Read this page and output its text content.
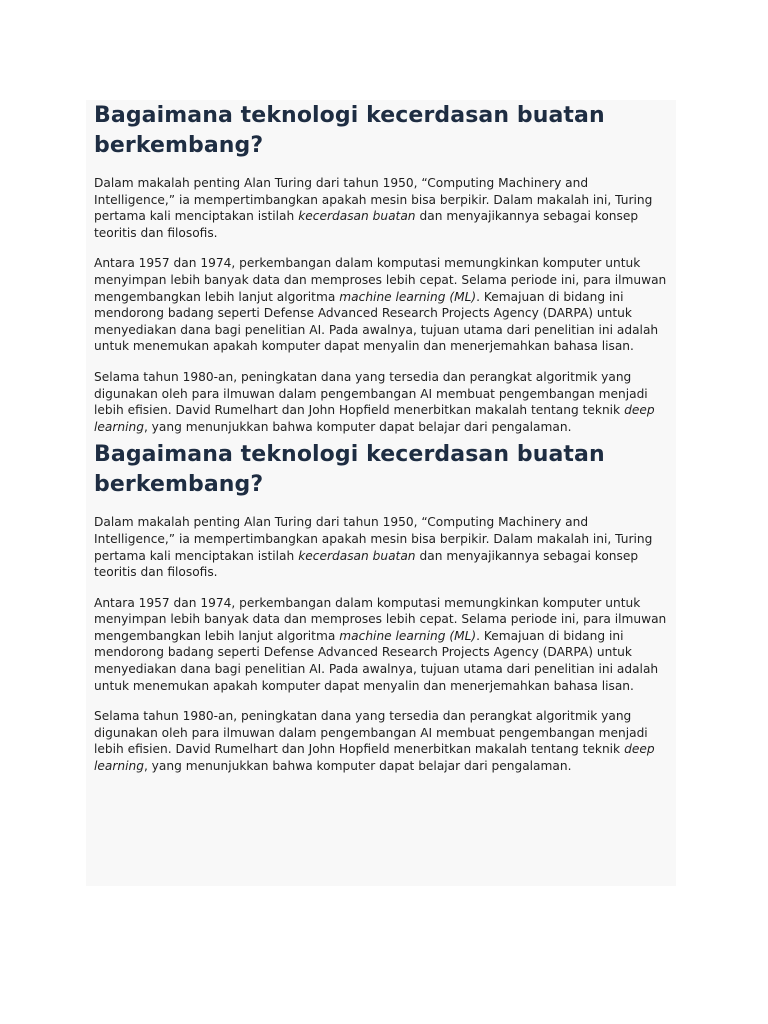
Bagaimana teknologi kecerdasan buatan berkembang?

Dalam makalah penting Alan Turing dari tahun 1950, “Computing Machinery and Intelligence,” ia mempertimbangkan apakah mesin bisa berpikir. Dalam makalah ini, Turing pertama kali menciptakan istilah kecerdasan buatan dan menyajikannya sebagai konsep teoritis dan filosofis.

Antara 1957 dan 1974, perkembangan dalam komputasi memungkinkan komputer untuk menyimpan lebih banyak data dan memproses lebih cepat. Selama periode ini, para ilmuwan mengembangkan lebih lanjut algoritma machine learning (ML). Kemajuan di bidang ini mendorong badang seperti Defense Advanced Research Projects Agency (DARPA) untuk menyediakan dana bagi penelitian AI. Pada awalnya, tujuan utama dari penelitian ini adalah untuk menemukan apakah komputer dapat menyalin dan menerjemahkan bahasa lisan.

Selama tahun 1980-an, peningkatan dana yang tersedia dan perangkat algoritmik yang digunakan oleh para ilmuwan dalam pengembangan AI membuat pengembangan menjadi lebih efisien. David Rumelhart dan John Hopfield menerbitkan makalah tentang teknik deep learning, yang menunjukkan bahwa komputer dapat belajar dari pengalaman.

Bagaimana teknologi kecerdasan buatan berkembang?

Dalam makalah penting Alan Turing dari tahun 1950, “Computing Machinery and Intelligence,” ia mempertimbangkan apakah mesin bisa berpikir. Dalam makalah ini, Turing pertama kali menciptakan istilah kecerdasan buatan dan menyajikannya sebagai konsep teoritis dan filosofis.

Antara 1957 dan 1974, perkembangan dalam komputasi memungkinkan komputer untuk menyimpan lebih banyak data dan memproses lebih cepat. Selama periode ini, para ilmuwan mengembangkan lebih lanjut algoritma machine learning (ML). Kemajuan di bidang ini mendorong badang seperti Defense Advanced Research Projects Agency (DARPA) untuk menyediakan dana bagi penelitian AI. Pada awalnya, tujuan utama dari penelitian ini adalah untuk menemukan apakah komputer dapat menyalin dan menerjemahkan bahasa lisan.

Selama tahun 1980-an, peningkatan dana yang tersedia dan perangkat algoritmik yang digunakan oleh para ilmuwan dalam pengembangan AI membuat pengembangan menjadi lebih efisien. David Rumelhart dan John Hopfield menerbitkan makalah tentang teknik deep learning, yang menunjukkan bahwa komputer dapat belajar dari pengalaman.
